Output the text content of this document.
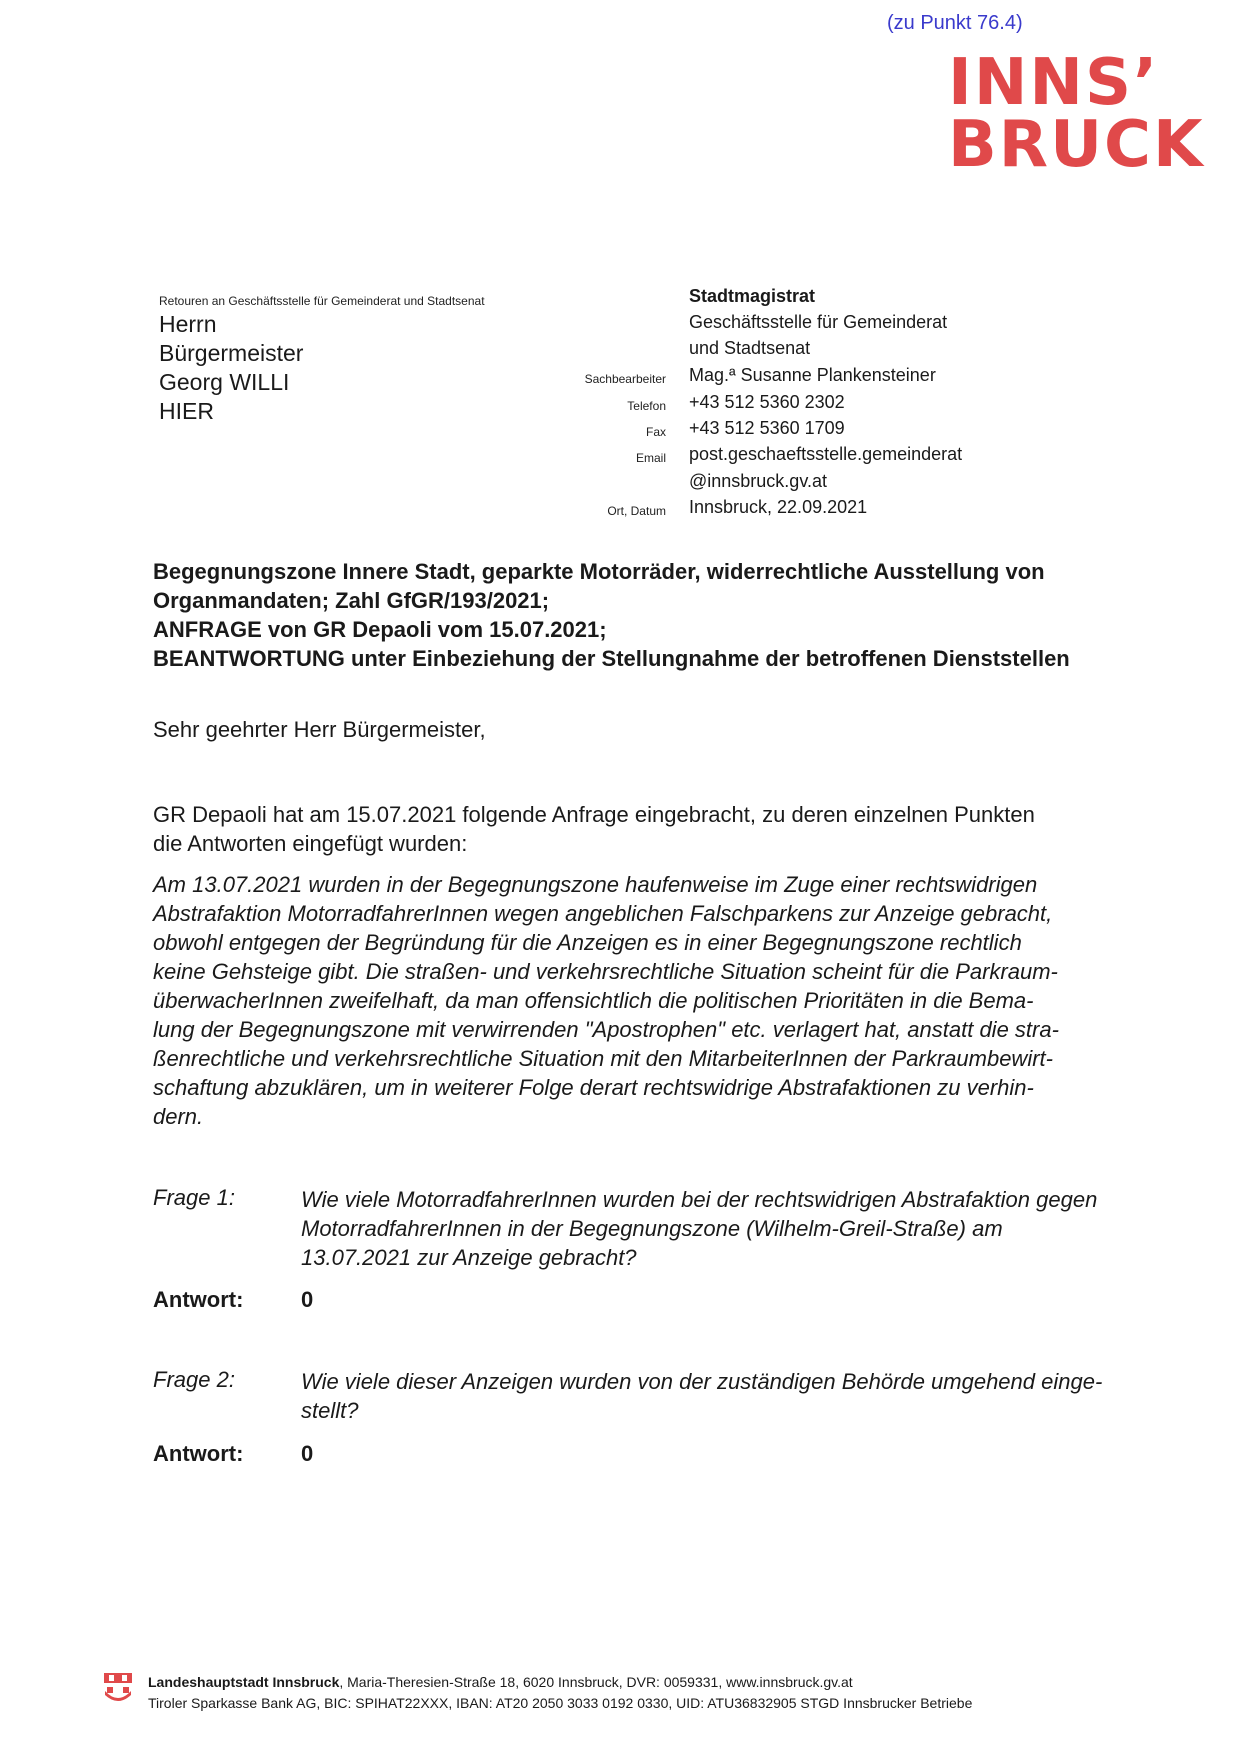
(zu Punkt 76.4)
INNS’
BRUCK
Retouren an Geschäftsstelle für Gemeinderat und Stadtsenat
Herrn
Bürgermeister
Georg WILLI
HIER
Stadtmagistrat
Geschäftsstelle für Gemeinderat
und Stadtsenat
Sachbearbeiter Mag.ª Susanne Plankensteiner
Telefon +43 512 5360 2302
Fax +43 512 5360 1709
Email post.geschaeftsstelle.gemeinderat
@innsbruck.gv.at
Ort, Datum Innsbruck, 22.09.2021
Begegnungszone Innere Stadt, geparkte Motorräder, widerrechtliche Ausstellung von
Organmandaten; Zahl GfGR/193/2021;
ANFRAGE von GR Depaoli vom 15.07.2021;
BEANTWORTUNG unter Einbeziehung der Stellungnahme der betroffenen Dienststellen
Sehr geehrter Herr Bürgermeister,
GR Depaoli hat am 15.07.2021 folgende Anfrage eingebracht, zu deren einzelnen Punkten
die Antworten eingefügt wurden:
Am 13.07.2021 wurden in der Begegnungszone haufenweise im Zuge einer rechtswidrigen
Abstrafaktion MotorradfahrerInnen wegen angeblichen Falschparkens zur Anzeige gebracht,
obwohl entgegen der Begründung für die Anzeigen es in einer Begegnungszone rechtlich
keine Gehsteige gibt. Die straßen- und verkehrsrechtliche Situation scheint für die Parkraum-
überwacherInnen zweifelhaft, da man offensichtlich die politischen Prioritäten in die Bema-
lung der Begegnungszone mit verwirrenden "Apostrophen" etc. verlagert hat, anstatt die stra-
ßenrechtliche und verkehrsrechtliche Situation mit den MitarbeiterInnen der Parkraumbewirt-
schaftung abzuklären, um in weiterer Folge derart rechtswidrige Abstrafaktionen zu verhin-
dern.
Frage 1:	Wie viele MotorradfahrerInnen wurden bei der rechtswidrigen Abstrafaktion gegen
MotorradfahrerInnen in der Begegnungszone (Wilhelm-Greil-Straße) am
13.07.2021 zur Anzeige gebracht?
Antwort:	0
Frage 2:	Wie viele dieser Anzeigen wurden von der zuständigen Behörde umgehend einge-
stellt?
Antwort:	0
Landeshauptstadt Innsbruck, Maria-Theresien-Straße 18, 6020 Innsbruck, DVR: 0059331, www.innsbruck.gv.at
Tiroler Sparkasse Bank AG, BIC: SPIHAT22XXX, IBAN: AT20 2050 3033 0192 0330, UID: ATU36832905 STGD Innsbrucker Betriebe
